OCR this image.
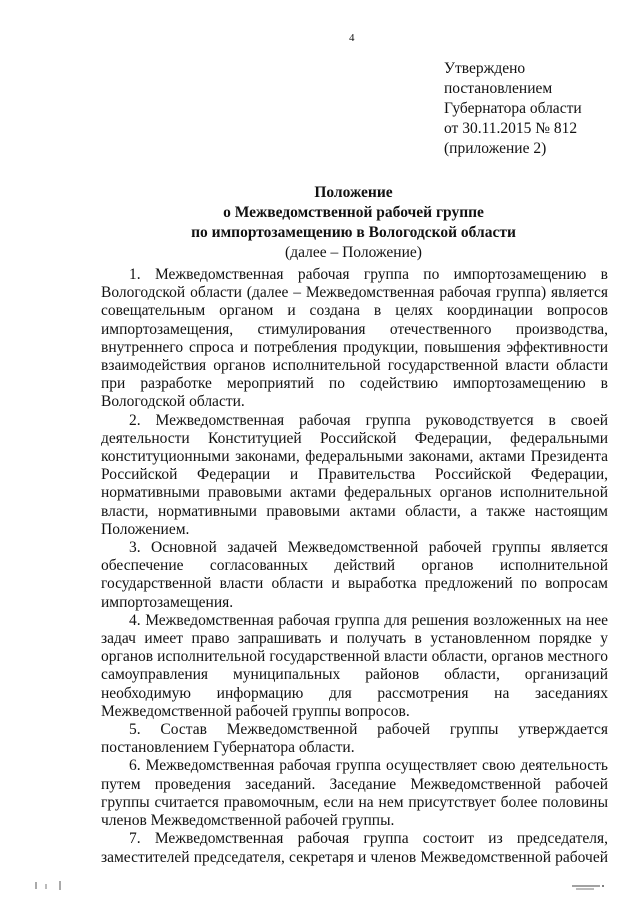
4
Утверждено
постановлением
Губернатора области
от 30.11.2015 № 812
(приложение 2)
Положение
о Межведомственной рабочей группе
по импортозамещению в Вологодской области
(далее – Положение)

1. Межведомственная рабочая группа по импортозамещению в Вологодской области (далее – Межведомственная рабочая группа) является совещательным органом и создана в целях координации вопросов импортозамещения, стимулирования отечественного производства, внутреннего спроса и потребления продукции, повышения эффективности взаимодействия органов исполнительной государственной власти области при разработке мероприятий по содействию импортозамещению в Вологодской области.

2. Межведомственная рабочая группа руководствуется в своей деятельности Конституцией Российской Федерации, федеральными конституционными законами, федеральными законами, актами Президента Российской Федерации и Правительства Российской Федерации, нормативными правовыми актами федеральных органов исполнительной власти, нормативными правовыми актами области, а также настоящим Положением.

3. Основной задачей Межведомственной рабочей группы является обеспечение согласованных действий органов исполнительной государственной власти области и выработка предложений по вопросам импортозамещения.

4. Межведомственная рабочая группа для решения возложенных на нее задач имеет право запрашивать и получать в установленном порядке у органов исполнительной государственной власти области, органов местного самоуправления муниципальных районов области, организаций необходимую информацию для рассмотрения на заседаниях Межведомственной рабочей группы вопросов.

5. Состав Межведомственной рабочей группы утверждается постановлением Губернатора области.

6. Межведомственная рабочая группа осуществляет свою деятельность путем проведения заседаний. Заседание Межведомственной рабочей группы считается правомочным, если на нем присутствует более половины членов Межведомственной рабочей группы.

7. Межведомственная рабочая группа состоит из председателя, заместителей председателя, секретаря и членов Межведомственной рабочей
